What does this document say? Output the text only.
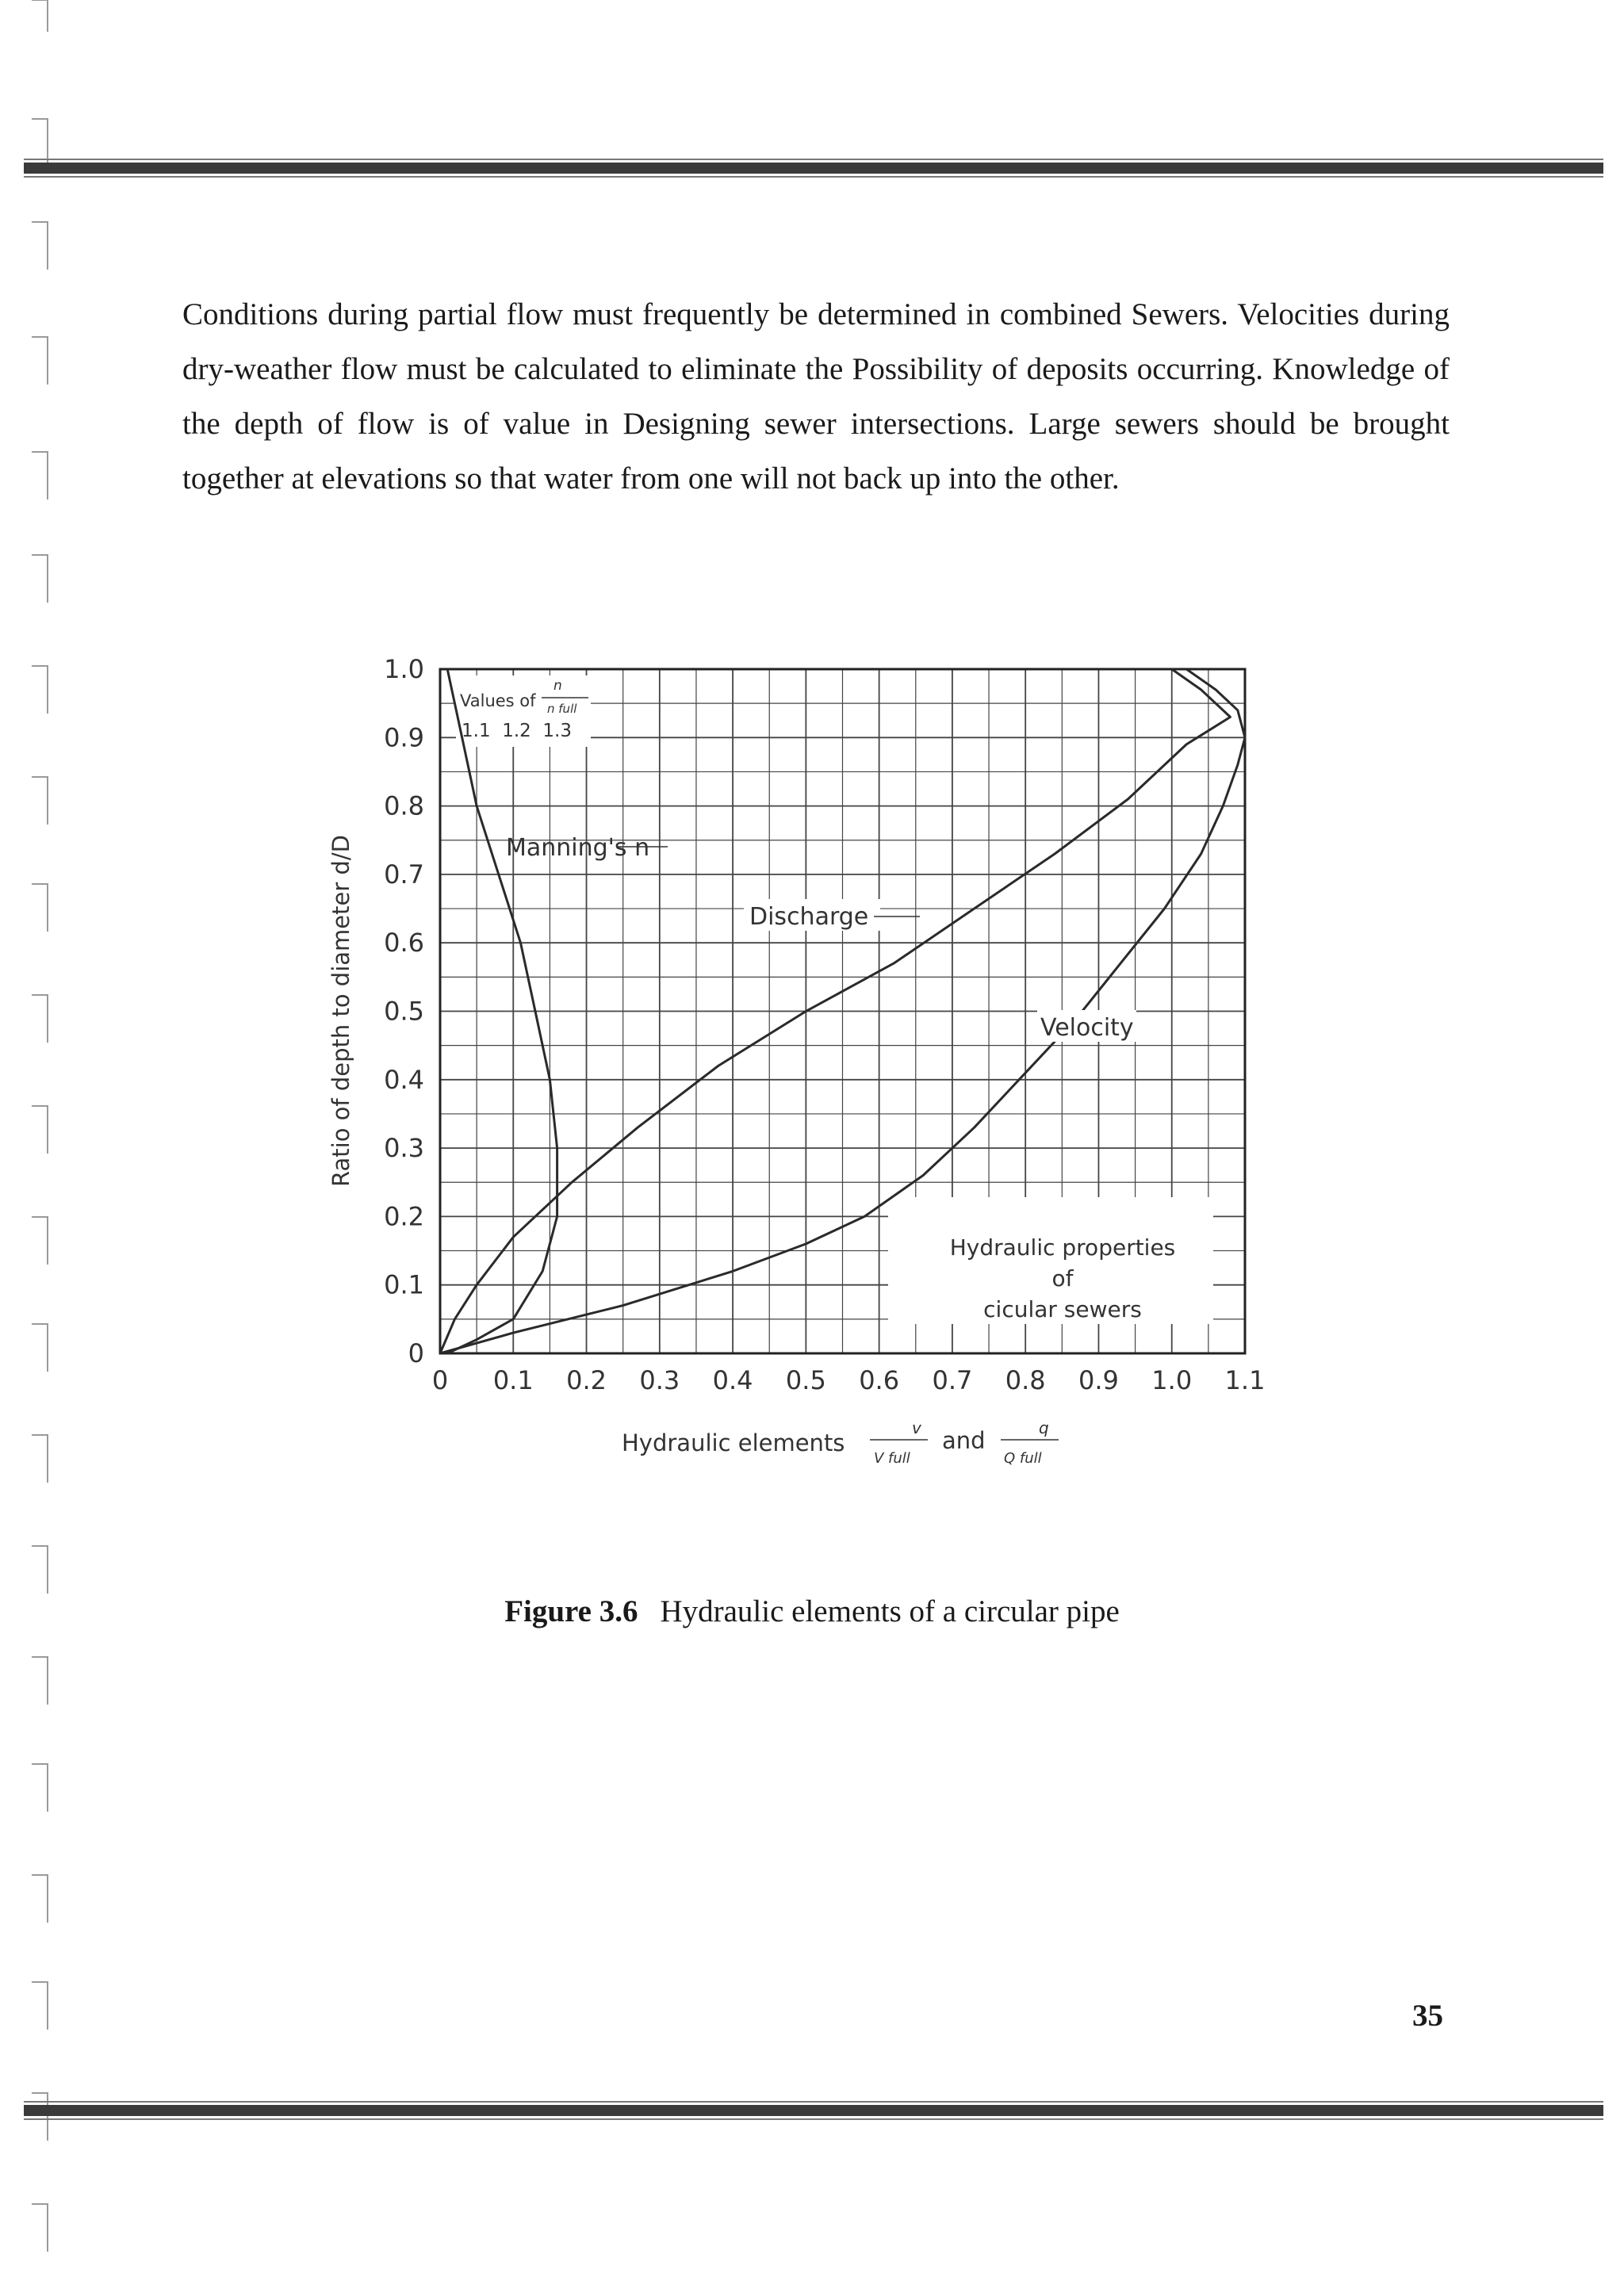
Conditions during partial flow must frequently be determined in combined Sewers. Velocities during dry-weather flow must be calculated to eliminate the Possibility of deposits occurring. Knowledge of the depth of flow is of value in Designing sewer intersections. Large sewers should be brought together at elevations so that water from one will not back up into the other.

Hydraulic properties
of
cicular sewers
Values of
n
n full
1.1  1.2  1.3
0 0.1 0.2 0.3 0.4 0.5 0.6 0.7 0.8 0.9 1.0 1.1
0
0.1
0.2
0.3
0.4
0.5
0.6
0.7
0.8
0.9
1.0
Manning's n
Discharge
Velocity
Ratio of depth to diameter d/D
Hydraulic elements
v
V full
and	q
Q full
Figure 3.6 Hydraulic elements of a circular pipe
35
